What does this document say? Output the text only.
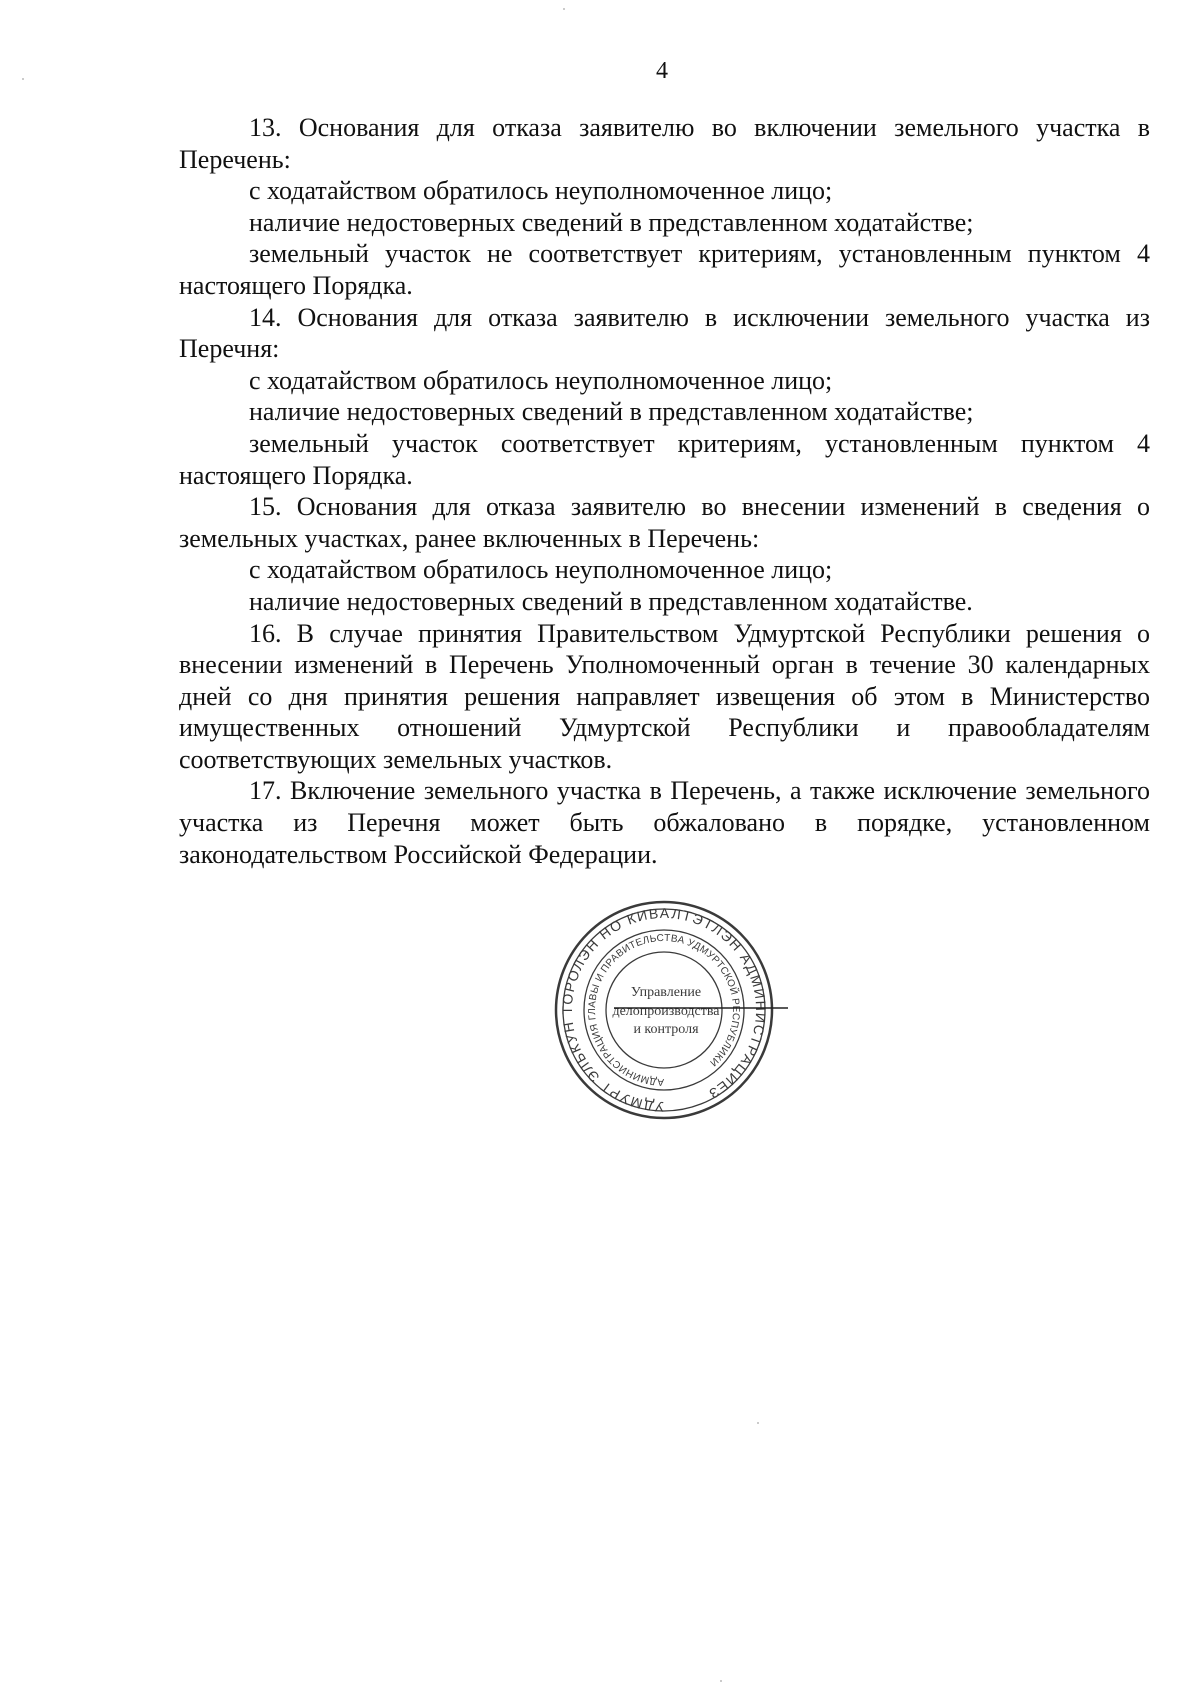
4

13. Основания для отказа заявителю во включении земельного участка в Перечень:

с ходатайством обратилось неуполномоченное лицо;

наличие недостоверных сведений в представленном ходатайстве;

земельный участок не соответствует критериям, установленным пунктом 4 настоящего Порядка.

14. Основания для отказа заявителю в исключении земельного участка из Перечня:

с ходатайством обратилось неуполномоченное лицо;

наличие недостоверных сведений в представленном ходатайстве;

земельный участок соответствует критериям, установленным пунктом 4 настоящего Порядка.

15. Основания для отказа заявителю во внесении изменений в сведения о земельных участках, ранее включенных в Перечень:

с ходатайством обратилось неуполномоченное лицо;

наличие недостоверных сведений в представленном ходатайстве.

16. В случае принятия Правительством Удмуртской Республики решения о внесении изменений в Перечень Уполномоченный орган в течение 30 календарных дней со дня принятия решения направляет извещения об этом в Министерство имущественных отношений Удмуртской Республики и правообладателям соответствующих земельных участков.

17. Включение земельного участка в Перечень, а также исключение земельного участка из Перечня может быть обжаловано в порядке, установленном законодательством Российской Федерации.

УДМУРТ ЭЛЬКУН ТОРОЛЭН НО КИВАЛТЭТЛЭН АДМИНИСТРАЦИЕЗ
АДМИНИСТРАЦИЯ ГЛАВЫ И ПРАВИТЕЛЬСТВА УДМУРТСКОЙ РЕСПУБЛИКИ
Управление
делопроизводства
и контроля
